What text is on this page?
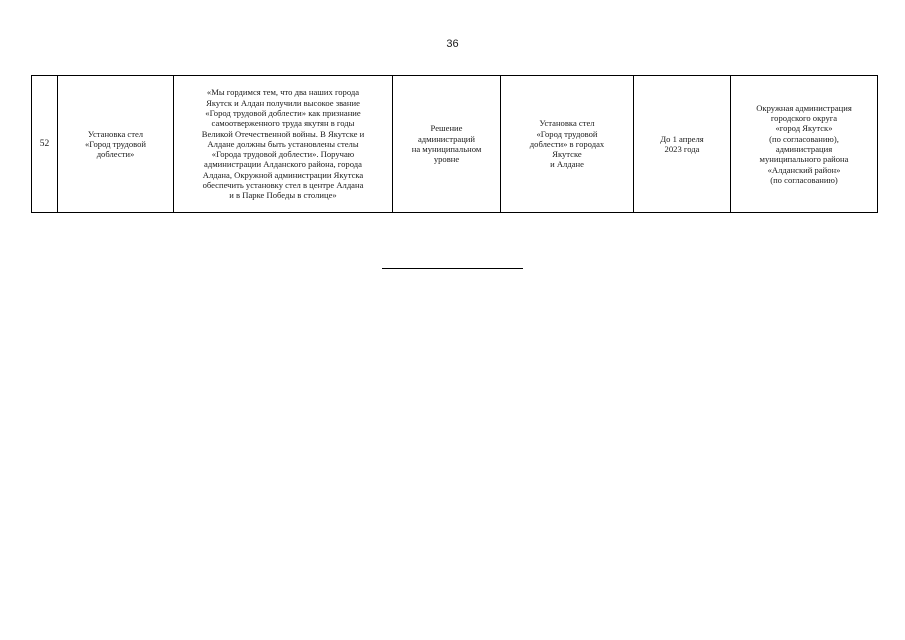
36
52	Установка стел
«Город трудовой
доблести»	«Мы гордимся тем, что два наших города
Якутск и Алдан получили высокое звание
«Город трудовой доблести» как признание
самоотверженного труда якутян в годы
Великой Отечественной войны. В Якутске и
Алдане должны быть установлены стелы
«Города трудовой доблести». Поручаю
администрации Алданского района, города
Алдана, Окружной администрации Якутска
обеспечить установку стел в центре Алдана
и в Парке Победы в столице»	Решение
администраций
на муниципальном
уровне	Установка стел
«Город трудовой
доблести» в городах
Якутске
и Алдане	До 1 апреля
2023 года	Окружная администрация
городского округа
«город Якутск»
(по согласованию),
администрация
муниципального района
«Алданский район»
(по согласованию)
